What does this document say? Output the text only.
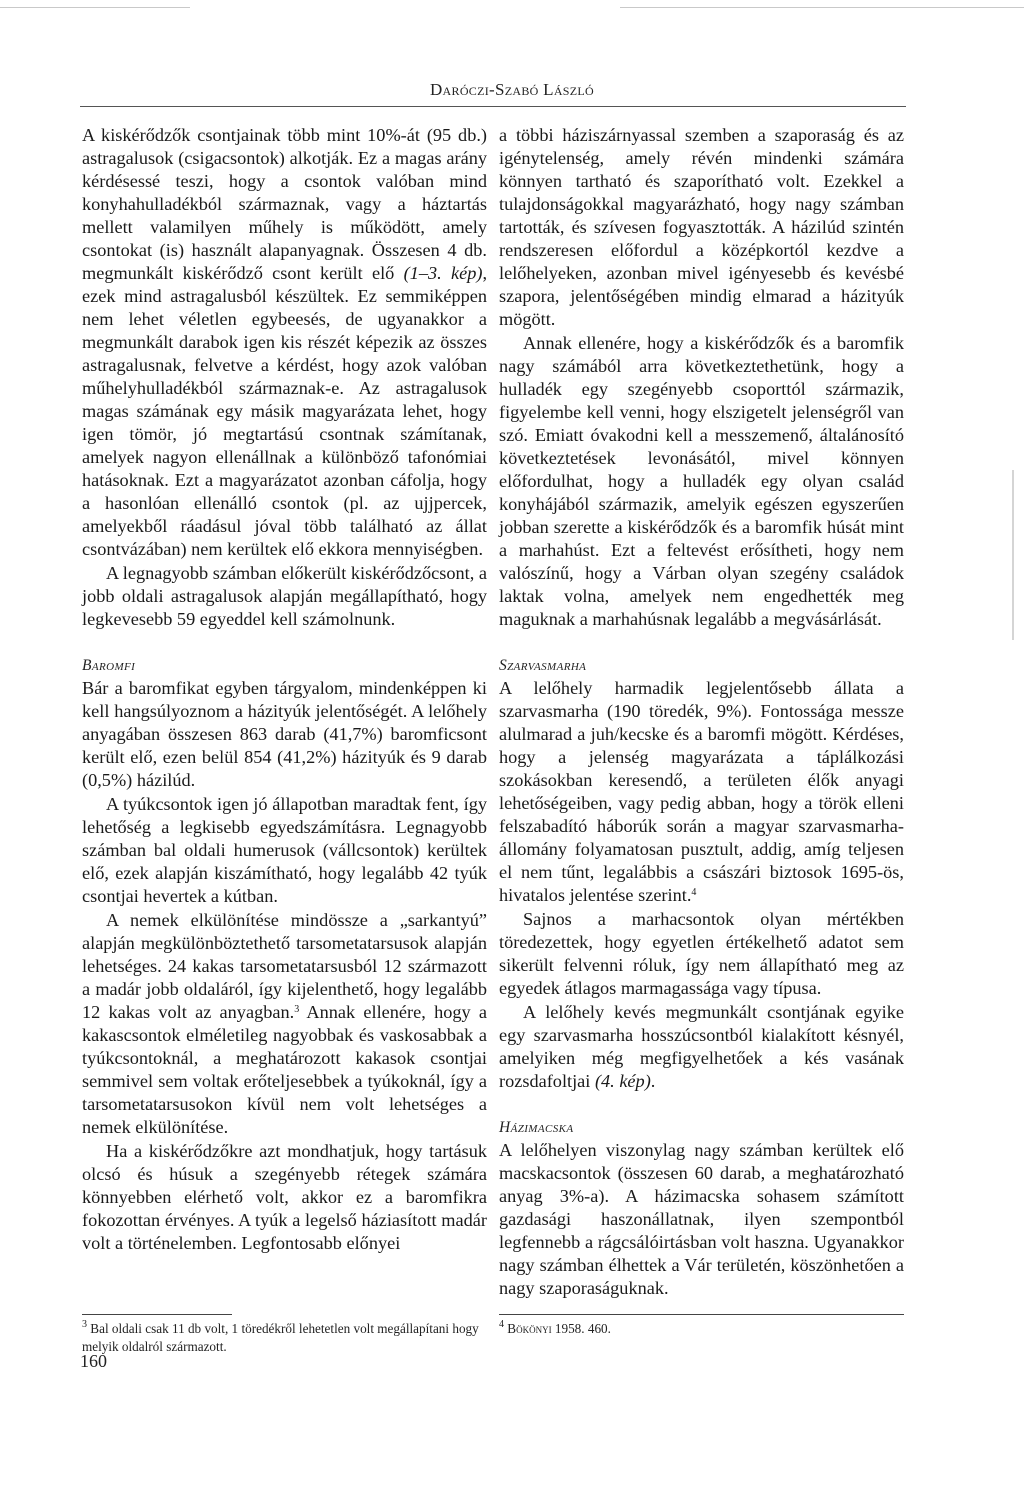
Daróczi-Szabó László

A kiskérődzők csontjainak több mint 10%-át (95 db.) astragalusok (csigacsontok) alkotják. Ez a magas arány kérdésessé teszi, hogy a csontok valóban mind konyhahulladékból származnak, vagy a háztartás mellett valamilyen műhely is működött, amely csontokat (is) használt alapanyagnak. Összesen 4 db. megmunkált kiskérődző csont került elő (1–3. kép), ezek mind astragalusból készültek. Ez semmiképpen nem lehet véletlen egybeesés, de ugyanakkor a megmunkált darabok igen kis részét képezik az összes astragalusnak, felvetve a kérdést, hogy azok valóban műhelyhulladékból származnak-e. Az astragalusok magas számának egy másik magyarázata lehet, hogy igen tömör, jó megtartású csontnak számítanak, amelyek nagyon ellenállnak a különböző tafonómiai hatásoknak. Ezt a magyarázatot azonban cáfolja, hogy a hasonlóan ellenálló csontok (pl. az ujjpercek, amelyekből ráadásul jóval több található az állat csontvázában) nem kerültek elő ekkora mennyiségben.

A legnagyobb számban előkerült kiskérődzőcsont, a jobb oldali astragalusok alapján megállapítható, hogy legkevesebb 59 egyeddel kell számolnunk.

Baromfi

Bár a baromfikat egyben tárgyalom, mindenképpen ki kell hangsúlyoznom a házityúk jelentőségét. A lelőhely anyagában összesen 863 darab (41,7%) baromficsont került elő, ezen belül 854 (41,2%) házityúk és 9 darab (0,5%) házilúd.

A tyúkcsontok igen jó állapotban maradtak fent, így lehetőség a legkisebb egyedszámításra. Legnagyobb számban bal oldali humerusok (vállcsontok) kerültek elő, ezek alapján kiszámítható, hogy legalább 42 tyúk csontjai hevertek a kútban.

A nemek elkülönítése mindössze a „sarkantyú” alapján megkülönböztethető tarsometatarsusok alapján lehetséges. 24 kakas tarsometatarsusból 12 származott a madár jobb oldaláról, így kijelenthető, hogy legalább 12 kakas volt az anyagban.$^3$ Annak ellenére, hogy a kakascsontok elméletileg nagyobbak és vaskosabbak a tyúkcsontoknál, a meghatározott kakasok csontjai semmivel sem voltak erőteljesebbek a tyúkoknál, így a tarsometatarsusokon kívül nem volt lehetséges a nemek elkülönítése.

Ha a kiskérődzőkre azt mondhatjuk, hogy tartásuk olcsó és húsuk a szegényebb rétegek számára könnyebben elérhető volt, akkor ez a baromfikra fokozottan érvényes. A tyúk a legelső háziasított madár volt a történelemben. Legfontosabb előnyei

a többi háziszárnyassal szemben a szaporaság és az igénytelenség, amely révén mindenki számára könnyen tartható és szaporítható volt. Ezekkel a tulajdonságokkal magyarázható, hogy nagy számban tartották, és szívesen fogyasztották. A házilúd szintén rendszeresen előfordul a középkortól kezdve a lelőhelyeken, azonban mivel igényesebb és kevésbé szapora, jelentőségében mindig elmarad a házityúk mögött.

Annak ellenére, hogy a kiskérődzők és a baromfik nagy számából arra következtethetünk, hogy a hulladék egy szegényebb csoporttól származik, figyelembe kell venni, hogy elszigetelt jelenségről van szó. Emiatt óvakodni kell a messzemenő, általánosító következtetések levonásától, mivel könnyen előfordulhat, hogy a hulladék egy olyan család konyhájából származik, amelyik egészen egyszerűen jobban szerette a kiskérődzők és a baromfik húsát mint a marhahúst. Ezt a feltevést erősítheti, hogy nem valószínű, hogy a Várban olyan szegény családok laktak volna, amelyek nem engedhették meg maguknak a marhahúsnak legalább a megvásárlását.

Szarvasmarha

A lelőhely harmadik legjelentősebb állata a szarvasmarha (190 töredék, 9%). Fontossága messze alulmarad a juh/kecske és a baromfi mögött. Kérdéses, hogy a jelenség magyarázata a táplálkozási szokásokban keresendő, a területen élők anyagi lehetőségeiben, vagy pedig abban, hogy a török elleni felszabadító háborúk során a magyar szarvasmarha-állomány folyamatosan pusztult, addig, amíg teljesen el nem tűnt, legalábbis a császári biztosok 1695-ös, hivatalos jelentése szerint.$^4$

Sajnos a marhacsontok olyan mértékben töredezettek, hogy egyetlen értékelhető adatot sem sikerült felvenni róluk, így nem állapítható meg az egyedek átlagos marmagassága vagy típusa.

A lelőhely kevés megmunkált csontjának egyike egy szarvasmarha hosszúcsontból kialakított késnyél, amelyiken még megfigyelhetőek a kés vasának rozsdafoltjai (4. kép).

Házimacska

A lelőhelyen viszonylag nagy számban kerültek elő macskacsontok (összesen 60 darab, a meghatározható anyag 3%-a). A házimacska sohasem számított gazdasági haszonállatnak, ilyen szempontból legfennebb a rágcsálóirtásban volt haszna. Ugyanakkor nagy számban élhettek a Vár területén, köszönhetően a nagy szaporaságuknak.

$^3$ Bal oldali csak 11 db volt, 1 töredékről lehetetlen volt megállapítani hogy melyik oldalról származott.
$^4$ Bökönyi 1958. 460.
160
